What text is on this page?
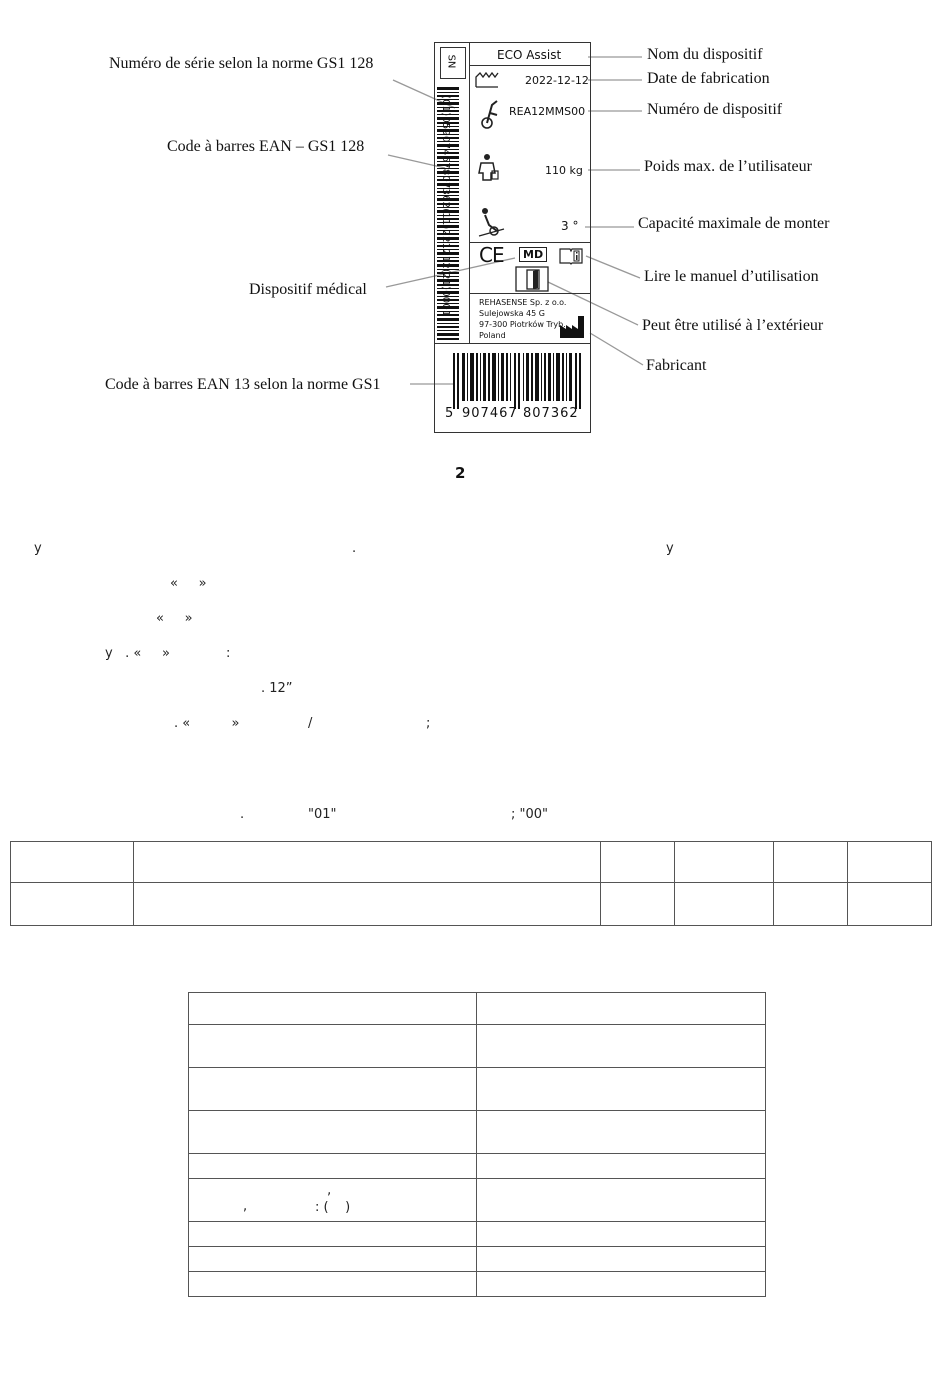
Numéro de série selon la norme GS1 128
Code à barres EAN – GS1 128
Dispositif médical
Code à barres EAN 13 selon la norme GS1
Nom du dispositif
Date de fabrication
Numéro de dispositif
Poids max. de l’utilisateur
Capacité maximale de monter
Lire le manuel d’utilisation
Peut être utilisé à l’extérieur
Fabricant
SN
(01)05907467807362(11)221212(21)0001
ECO Assist
2022-12-12
REA12MMS00
110 kg
3 °
CE	MD
REHASENSE Sp. z o.o.
Sulejowska 45 G
97-300 Piotrków Tryb.
Poland
5 907467 807362
2
y	.	y
«     »
«     »
y   . «     »	:
. 12”
. «          »	/	;
.	"01"	; "00"

‚
, : (    )	
